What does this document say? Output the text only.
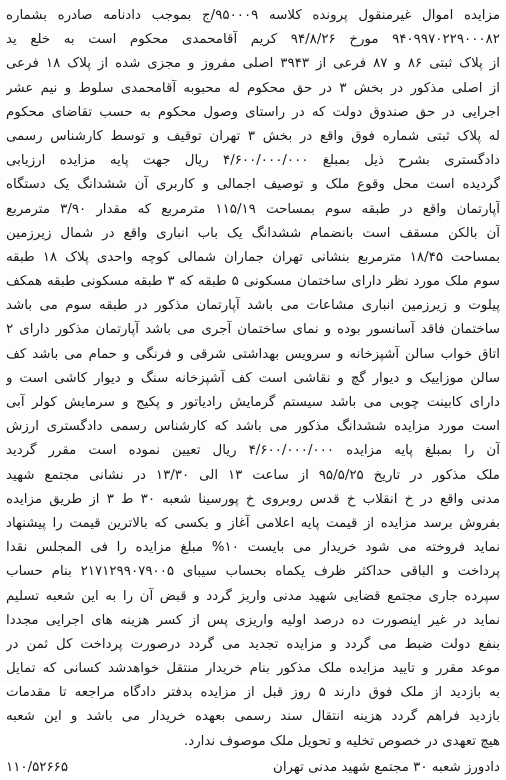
مزایده اموال غیرمنقول پرونده کلاسه ۹۵۰۰۰۹/ج بموجب دادنامه صادره بشماره
۹۴۰۹۹۷۰۲۲۹۰۰۰۸۲ مورخ ۹۴/۸/۲۶ کریم آقامحمدی محکوم است به خلع ید
از پلاک ثبتی ۸۶ و ۸۷ فرعی از ۳۹۴۳ اصلی مفروز و مجزی شده از پلاک ۱۸ فرعی
از اصلی مذکور در بخش ۳ در حق محکوم له محبوبه آقامحمدی سلوط و نیم عشر
اجرایی در حق صندوق دولت که در راستای وصول محکوم به حسب تقاضای محکوم
له پلاک ثبتی شماره فوق واقع در بخش ۳ تهران توقیف و توسط کارشناس رسمی
دادگستری بشرح ذیل بمبلغ ۴/۶۰۰/۰۰۰/۰۰۰ ریال جهت پایه مزایده ارزیابی
گردیده است محل وقوع ملک و توصیف اجمالی و کاربری آن ششدانگ یک دستگاه
آپارتمان واقع در طبقه سوم بمساحت ۱۱۵/۱۹ مترمربع که مقدار ۳/۹۰ مترمربع
آن بالکن مسقف است بانضمام ششدانگ یک باب انباری واقع در شمال زیرزمین
بمساحت ۱۸/۴۵ مترمربع بنشانی تهران جماران شمالی کوچه واحدی پلاک ۱۸ طبقه
سوم ملک مورد نظر دارای ساختمان مسکونی ۵ طبقه که ۳ طبقه مسکونی طبقه همکف
پیلوت و زیرزمین انباری مشاعات می باشد آپارتمان مذکور در طبقه سوم می باشد
ساختمان فاقد آسانسور بوده و نمای ساختمان آجری می باشد آپارتمان مذکور دارای ۲
اتاق خواب سالن آشپزخانه و سرویس بهداشتی شرقی و فرنگی و حمام می باشد کف
سالن موزاییک و دیوار گچ و نقاشی است کف آشپزخانه سنگ و دیوار کاشی است و
دارای کابینت چوبی می باشد سیستم گرمایش رادیاتور و پکیج و سرمایش کولر آبی
است مورد مزایده ششدانگ مذکور می باشد که کارشناس رسمی دادگستری ارزش
آن را بمبلغ پایه مزایده ۴/۶۰۰/۰۰۰/۰۰۰ ریال تعیین نموده است مقرر گردید
ملک مذکور در تاریخ ۹۵/۵/۲۵ از ساعت ۱۳ الی ۱۳/۳۰ در نشانی مجتمع شهید
مدنی واقع در خ انقلاب خ قدس روبروی خ پورسینا شعبه ۳۰ ط ۳ از طریق مزایده
بفروش برسد مزایده از قیمت پایه اعلامی آغاز و بکسی که بالاترین قیمت را پیشنهاد
نماید فروخته می شود خریدار می بایست ۱۰% مبلغ مزایده را فی المجلس نقدا
پرداخت و الباقی حداکثر ظرف یکماه بحساب سیبای ۲۱۷۱۲۹۹۰۷۹۰۰۵ بنام حساب
سپرده جاری مجتمع قضایی شهید مدنی واریز گردد و قبض آن را به این شعبه تسلیم
نماید در غیر اینصورت ده درصد اولیه واریزی پس از کسر هزینه های اجرایی مجددا
بنفع دولت ضبط می گردد و مزایده تجدید می گردد درصورت پرداخت کل ثمن در
موعد مقرر و تایید مزایده ملک مذکور بنام خریدار منتقل خواهدشد کسانی که تمایل
به بازدید از ملک فوق دارند ۵ روز قبل از مزایده بدفتر دادگاه مراجعه تا مقدمات
بازدید فراهم گردد هزینه انتقال سند رسمی بعهده خریدار می باشد و این شعبه
هیچ تعهدی در خصوص تخلیه و تحویل ملک موصوف ندارد.
دادورز شعبه ۳۰ مجتمع شهید مدنی تهران
۱۱۰/۵۲۶۶۵
